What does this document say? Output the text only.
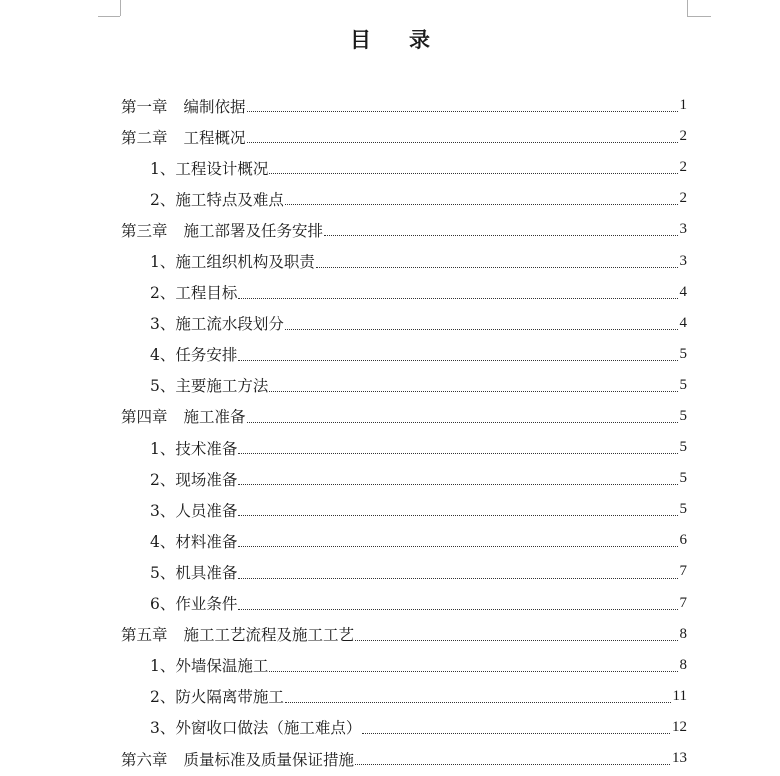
目录
第一章 编制依据	1
第二章 工程概况	2
1、 工程设计概况	2
2、 施工特点及难点	2
第三章 施工部署及任务安排	3
1、 施工组织机构及职责	3
2、 工程目标	4
3、 施工流水段划分	4
4、 任务安排	5
5、 主要施工方法	5
第四章 施工准备	5
1、 技术准备	5
2、 现场准备	5
3、 人员准备	5
4、 材料准备	6
5、 机具准备	7
6、 作业条件	7
第五章 施工工艺流程及施工工艺	8
1、 外墙保温施工	8
2、 防火隔离带施工	11
3、 外窗收口做法（施工难点）	12
第六章 质量标准及质量保证措施	13
